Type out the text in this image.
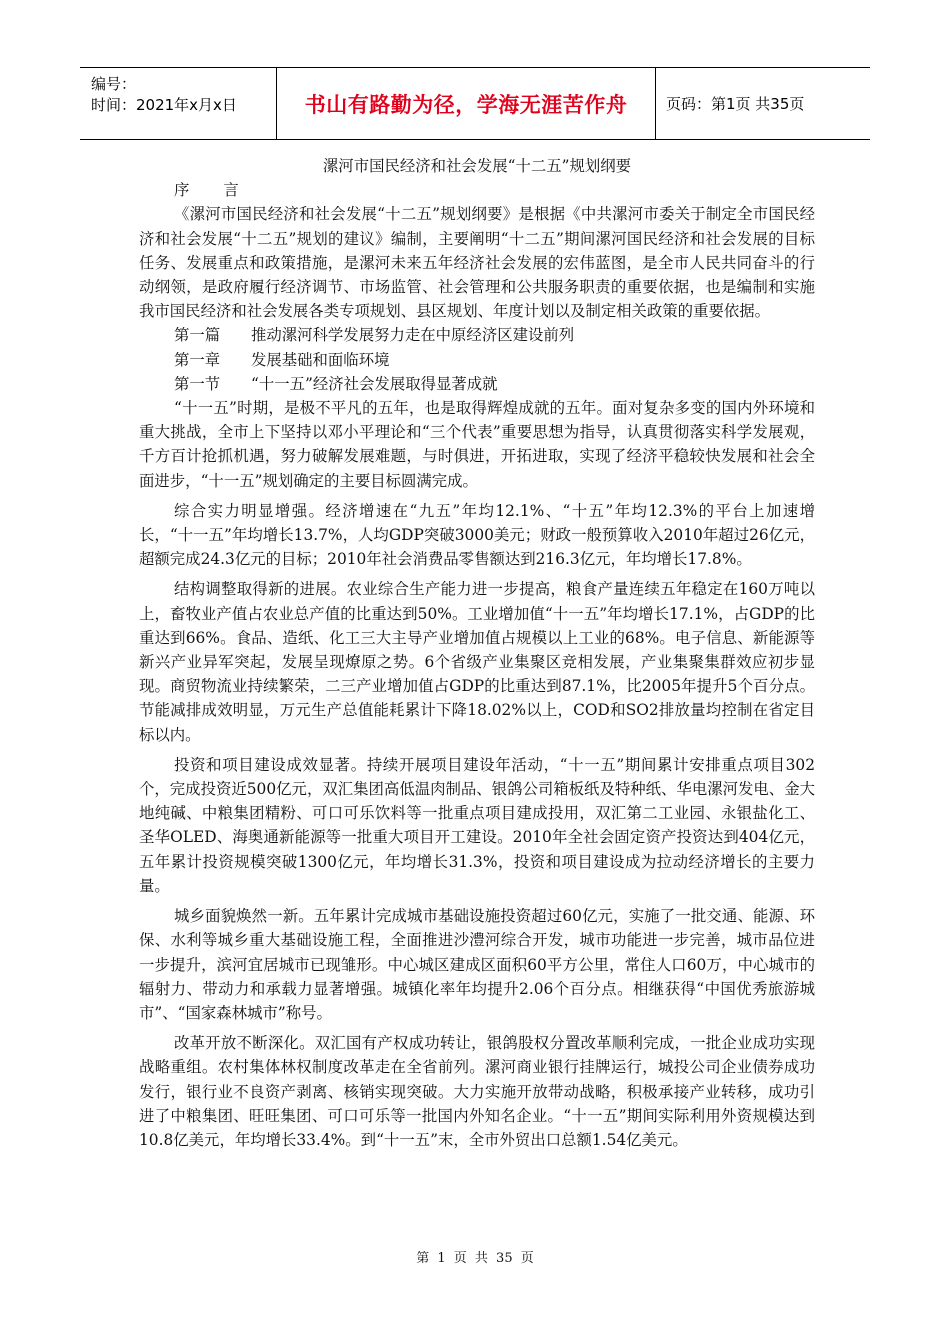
编号：
时间：2021年x月x日	书山有路勤为径，学海无涯苦作舟	页码：第1页 共35页

漯河市国民经济和社会发展“十二五”规划纲要

序言

《漯河市国民经济和社会发展“十二五”规划纲要》是根据《中共漯河市委关于制定全市国民经济和社会发展“十二五”规划的建议》编制，主要阐明“十二五”期间漯河国民经济和社会发展的目标任务、发展重点和政策措施，是漯河未来五年经济社会发展的宏伟蓝图，是全市人民共同奋斗的行动纲领，是政府履行经济调节、市场监管、社会管理和公共服务职责的重要依据，也是编制和实施我市国民经济和社会发展各类专项规划、县区规划、年度计划以及制定相关政策的重要依据。

第一篇　　推动漯河科学发展努力走在中原经济区建设前列

第一章　　发展基础和面临环境

第一节　　“十一五”经济社会发展取得显著成就

“十一五”时期，是极不平凡的五年，也是取得辉煌成就的五年。面对复杂多变的国内外环境和重大挑战，全市上下坚持以邓小平理论和“三个代表”重要思想为指导，认真贯彻落实科学发展观，千方百计抢抓机遇，努力破解发展难题，与时俱进，开拓进取，实现了经济平稳较快发展和社会全面进步，“十一五”规划确定的主要目标圆满完成。

综合实力明显增强。经济增速在“九五”年均12.1%、“十五”年均12.3%的平台上加速增长，“十一五”年均增长13.7%，人均GDP突破3000美元；财政一般预算收入2010年超过26亿元，超额完成24.3亿元的目标；2010年社会消费品零售额达到216.3亿元，年均增长17.8%。

结构调整取得新的进展。农业综合生产能力进一步提高，粮食产量连续五年稳定在160万吨以上，畜牧业产值占农业总产值的比重达到50%。工业增加值“十一五”年均增长17.1%，占GDP的比重达到66%。食品、造纸、化工三大主导产业增加值占规模以上工业的68%。电子信息、新能源等新兴产业异军突起，发展呈现燎原之势。6个省级产业集聚区竞相发展，产业集聚集群效应初步显现。商贸物流业持续繁荣，二三产业增加值占GDP的比重达到87.1%，比2005年提升5个百分点。节能减排成效明显，万元生产总值能耗累计下降18.02%以上，COD和SO2排放量均控制在省定目标以内。

投资和项目建设成效显著。持续开展项目建设年活动，“十一五”期间累计安排重点项目302个，完成投资近500亿元，双汇集团高低温肉制品、银鸽公司箱板纸及特种纸、华电漯河发电、金大地纯碱、中粮集团精粉、可口可乐饮料等一批重点项目建成投用，双汇第二工业园、永银盐化工、圣华OLED、海奥通新能源等一批重大项目开工建设。2010年全社会固定资产投资达到404亿元，五年累计投资规模突破1300亿元，年均增长31.3%，投资和项目建设成为拉动经济增长的主要力量。

城乡面貌焕然一新。五年累计完成城市基础设施投资超过60亿元，实施了一批交通、能源、环保、水利等城乡重大基础设施工程，全面推进沙澧河综合开发，城市功能进一步完善，城市品位进一步提升，滨河宜居城市已现雏形。中心城区建成区面积60平方公里，常住人口60万，中心城市的辐射力、带动力和承载力显著增强。城镇化率年均提升2.06个百分点。相继获得“中国优秀旅游城市”、“国家森林城市”称号。

改革开放不断深化。双汇国有产权成功转让，银鸽股权分置改革顺利完成，一批企业成功实现战略重组。农村集体林权制度改革走在全省前列。漯河商业银行挂牌运行，城投公司企业债券成功发行，银行业不良资产剥离、核销实现突破。大力实施开放带动战略，积极承接产业转移，成功引进了中粮集团、旺旺集团、可口可乐等一批国内外知名企业。“十一五”期间实际利用外资规模达到10.8亿美元，年均增长33.4%。到“十一五”末，全市外贸出口总额1.54亿美元。

第 1 页 共 35 页
